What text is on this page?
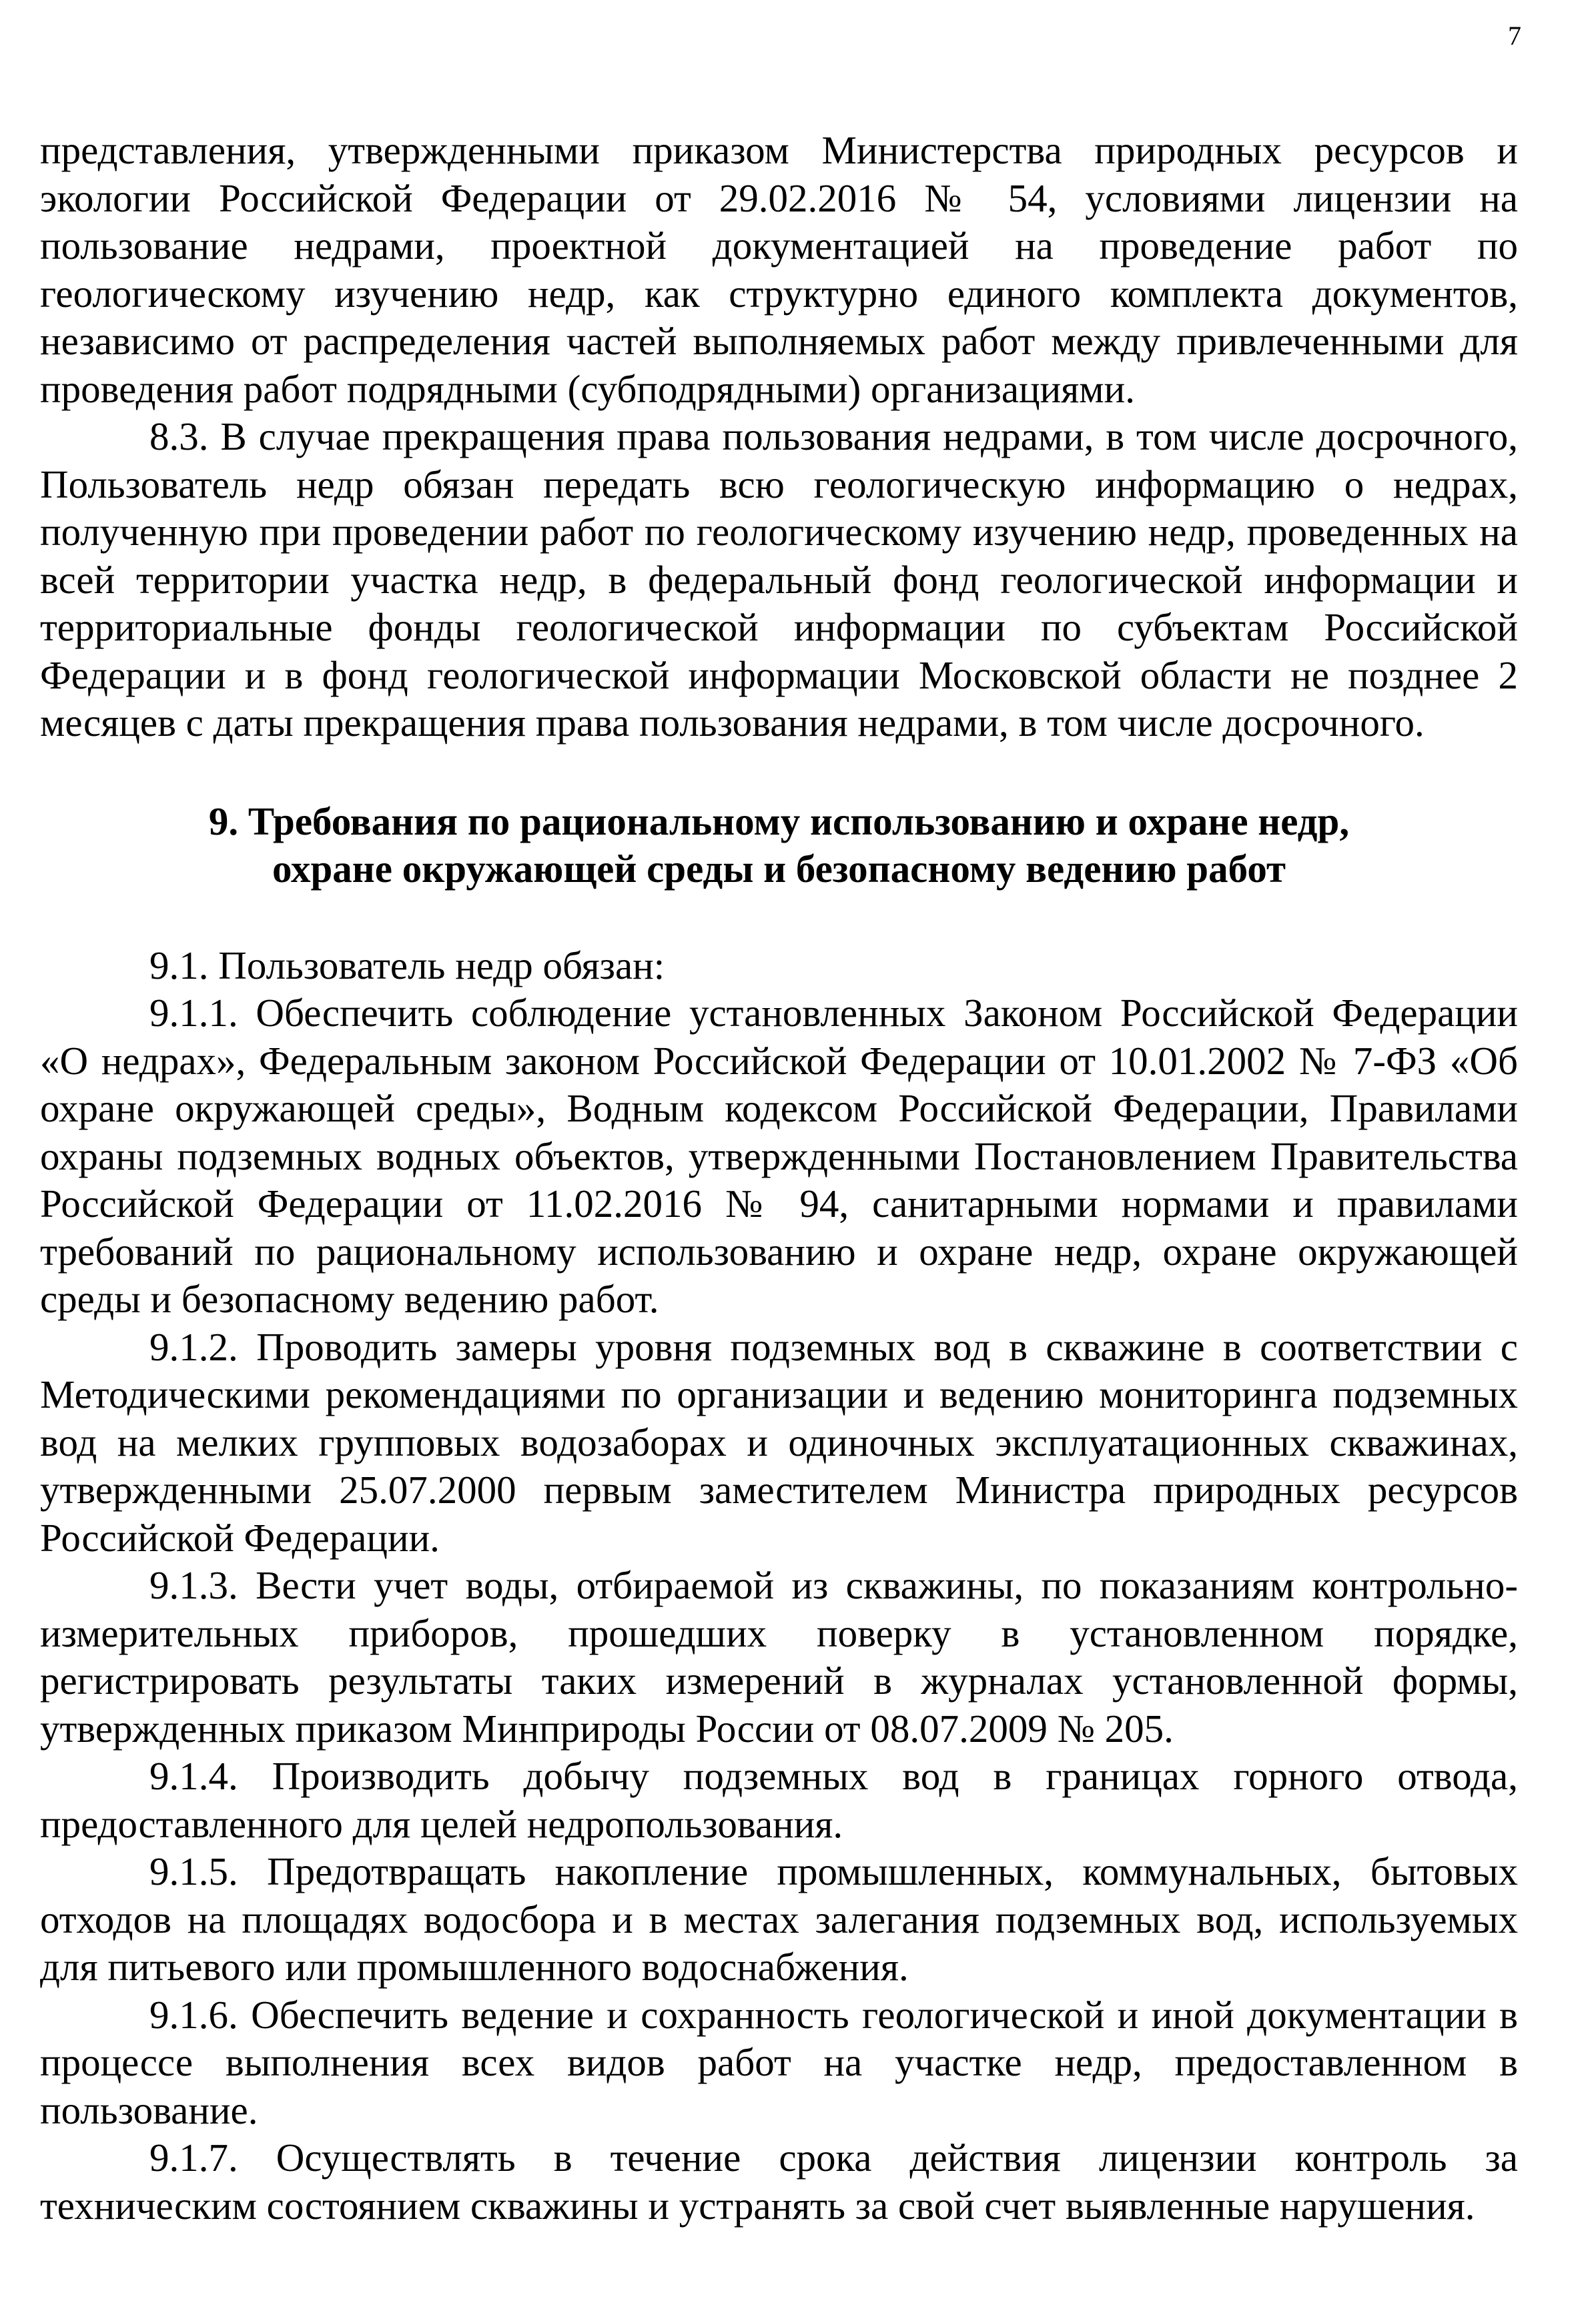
7

представления, утвержденными приказом Министерства природных ресурсов и экологии Российской Федерации от 29.02.2016 № 54, условиями лицензии на пользование недрами, проектной документацией на проведение работ по геологическому изучению недр, как структурно единого комплекта документов, независимо от распределения частей выполняемых работ между привлеченными для проведения работ подрядными (субподрядными) организациями.

8.3. В случае прекращения права пользования недрами, в том числе досрочного, Пользователь недр обязан передать всю геологическую информацию о недрах, полученную при проведении работ по геологическому изучению недр, проведенных на всей территории участка недр, в федеральный фонд геологической информации и территориальные фонды геологической информации по субъектам Российской Федерации и в фонд геологической информации Московской области не позднее 2 месяцев с даты прекращения права пользования недрами, в том числе досрочного.

9. Требования по рациональному использованию и охране недр,
охране окружающей среды и безопасному ведению работ

9.1. Пользователь недр обязан:

9.1.1. Обеспечить соблюдение установленных Законом Российской Федерации «О недрах», Федеральным законом Российской Федерации от 10.01.2002 № 7-ФЗ «Об охране окружающей среды», Водным кодексом Российской Федерации, Правилами охраны подземных водных объектов, утвержденными Постановлением Правительства Российской Федерации от 11.02.2016 № 94, санитарными нормами и правилами требований по рациональному использованию и охране недр, охране окружающей среды и безопасному ведению работ.

9.1.2. Проводить замеры уровня подземных вод в скважине в соответствии с Методическими рекомендациями по организации и ведению мониторинга подземных вод на мелких групповых водозаборах и одиночных эксплуатационных скважинах, утвержденными 25.07.2000 первым заместителем Министра природных ресурсов Российской Федерации.

9.1.3. Вести учет воды, отбираемой из скважины, по показаниям контрольно-измерительных приборов, прошедших поверку в установленном порядке, регистрировать результаты таких измерений в журналах установленной формы, утвержденных приказом Минприроды России от 08.07.2009 № 205.

9.1.4. Производить добычу подземных вод в границах горного отвода, предоставленного для целей недропользования.

9.1.5. Предотвращать накопление промышленных, коммунальных, бытовых отходов на площадях водосбора и в местах залегания подземных вод, используемых для питьевого или промышленного водоснабжения.

9.1.6. Обеспечить ведение и сохранность геологической и иной документации в процессе выполнения всех видов работ на участке недр, предоставленном в пользование.

9.1.7. Осуществлять в течение срока действия лицензии контроль за техническим состоянием скважины и устранять за свой счет выявленные нарушения.
